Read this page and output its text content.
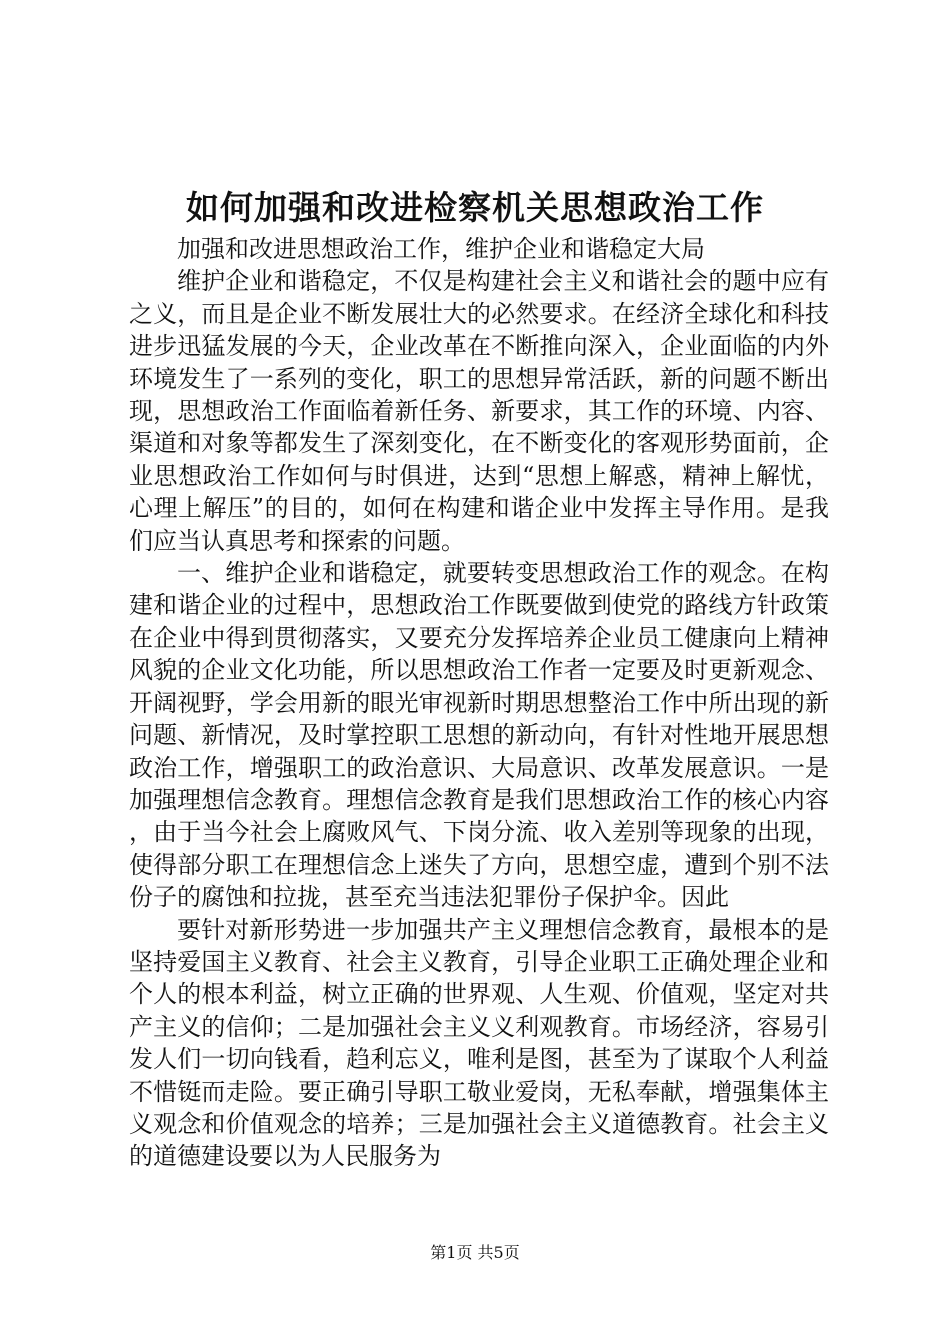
如何加强和改进检察机关思想政治工作

加强和改进思想政治工作，维护企业和谐稳定大局

维护企业和谐稳定，不仅是构建社会主义和谐社会的题中应有之义，而且是企业不断发展壮大的必然要求。在经济全球化和科技进步迅猛发展的今天，企业改革在不断推向深入，企业面临的内外环境发生了一系列的变化，职工的思想异常活跃，新的问题不断出现，思想政治工作面临着新任务、新要求，其工作的环境、内容、渠道和对象等都发生了深刻变化，在不断变化的客观形势面前，企业思想政治工作如何与时俱进，达到“思想上解惑，精神上解忧，心理上解压”的目的，如何在构建和谐企业中发挥主导作用。是我们应当认真思考和探索的问题。

一、维护企业和谐稳定，就要转变思想政治工作的观念。在构建和谐企业的过程中，思想政治工作既要做到使党的路线方针政策在企业中得到贯彻落实，又要充分发挥培养企业员工健康向上精神风貌的企业文化功能，所以思想政治工作者一定要及时更新观念、开阔视野，学会用新的眼光审视新时期思想整治工作中所出现的新问题、新情况，及时掌控职工思想的新动向，有针对性地开展思想政治工作，增强职工的政治意识、大局意识、改革发展意识。一是加强理想信念教育。理想信念教育是我们思想政治工作的核心内容，由于当今社会上腐败风气、下岗分流、收入差别等现象的出现，使得部分职工在理想信念上迷失了方向，思想空虚，遭到个别不法份子的腐蚀和拉拢，甚至充当违法犯罪份子保护伞。因此

要针对新形势进一步加强共产主义理想信念教育，最根本的是坚持爱国主义教育、社会主义教育，引导企业职工正确处理企业和个人的根本利益，树立正确的世界观、人生观、价值观，坚定对共产主义的信仰；二是加强社会主义义利观教育。市场经济，容易引发人们一切向钱看，趋利忘义，唯利是图，甚至为了谋取个人利益不惜铤而走险。要正确引导职工敬业爱岗，无私奉献，增强集体主义观念和价值观念的培养；三是加强社会主义道德教育。社会主义的道德建设要以为人民服务为

第1页 共5页
